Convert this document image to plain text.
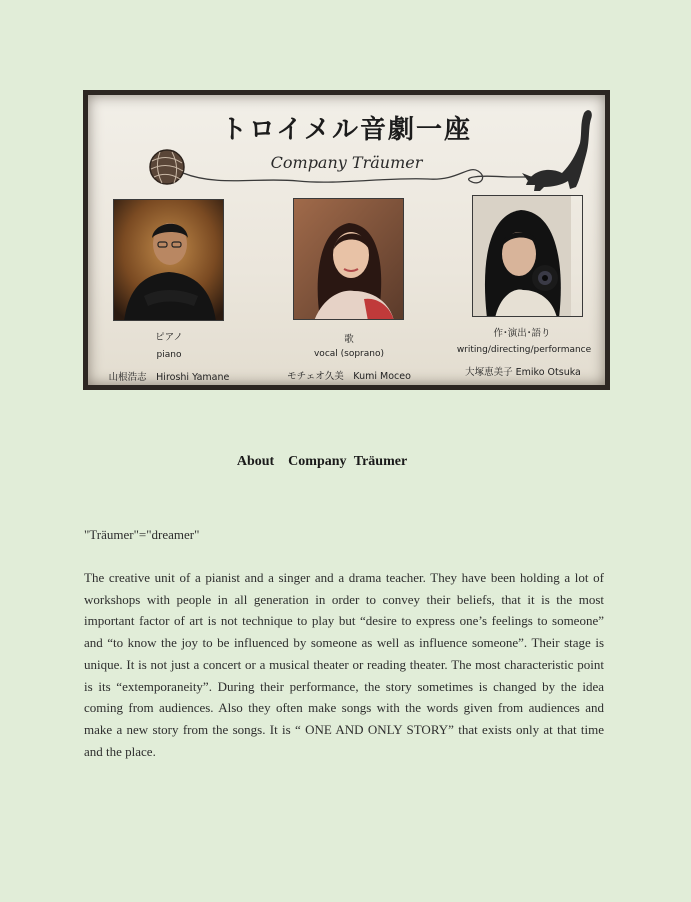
トロイメル音劇一座
Company Träumer
ピアノ
piano
山根浩志　Hiroshi Yamane
歌
vocal (soprano)
モチェオ久美　Kumi Moceo
作･演出･語り
writing/directing/performance
大塚恵美子 Emiko Otsuka
About　Company Träumer
"Träumer"="dreamer"

The creative unit of a pianist and a singer and a drama teacher. They have been holding a lot of workshops with people in all generation in order to convey their beliefs, that it is the most important factor of art is not technique to play but “desire to express one’s feelings to someone” and “to know the joy to be influenced by someone as well as influence someone”. Their stage is unique. It is not just a concert or a musical theater or reading theater. The most characteristic point is its “extemporaneity”. During their performance, the story sometimes is changed by the idea coming from audiences. Also they often make songs with the words given from audiences and make a new story from the songs. It is “ ONE AND ONLY STORY” that exists only at that time and the place.
